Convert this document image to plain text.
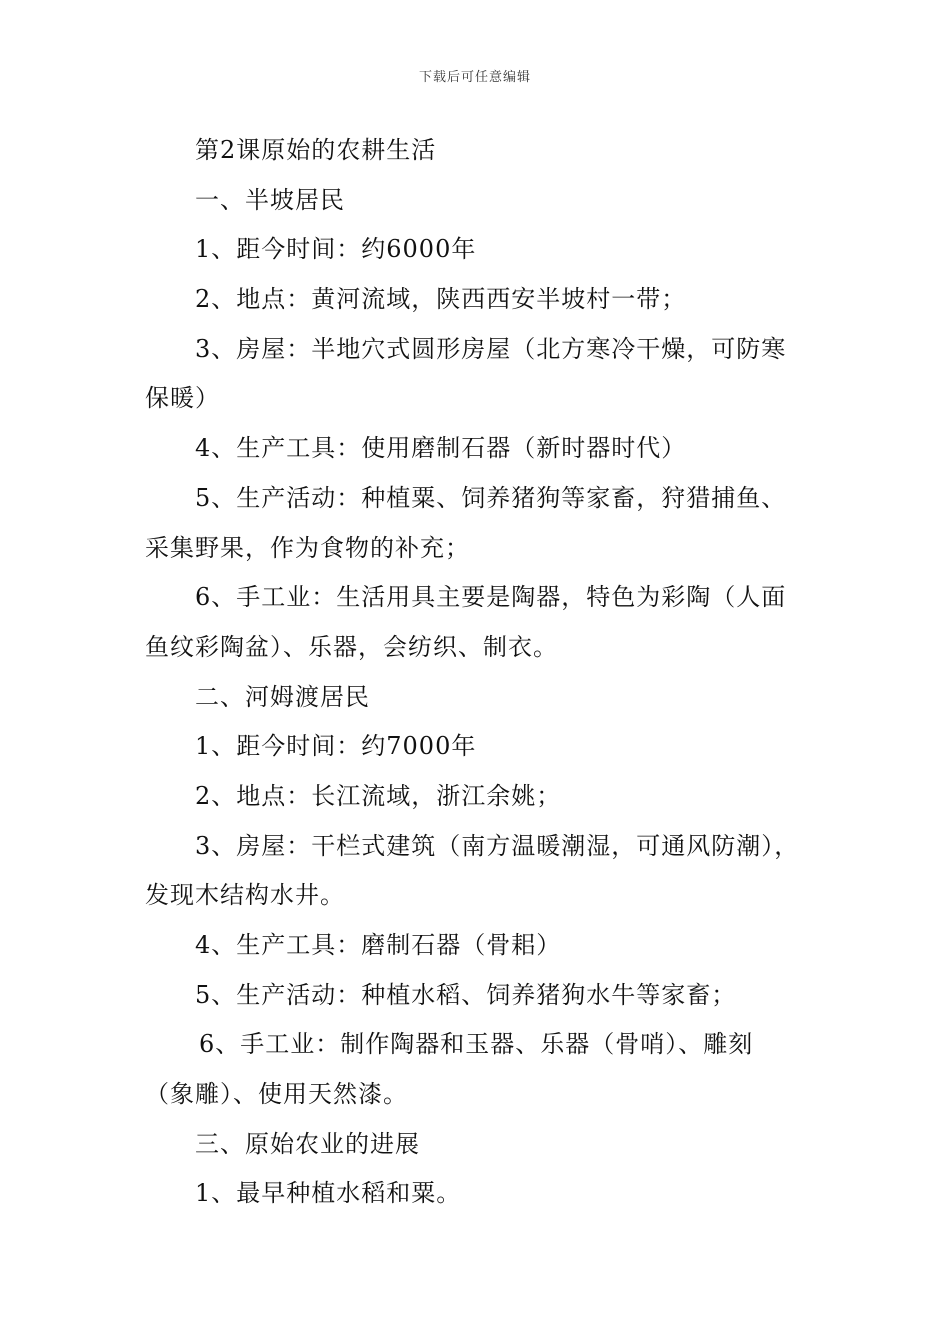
下载后可任意编辑
第2课原始的农耕生活
一、半坡居民
1、距今时间：约6000年
2、地点：黄河流域，陕西西安半坡村一带；
3、房屋：半地穴式圆形房屋（北方寒冷干燥，可防寒
保暖）
4、生产工具：使用磨制石器（新时器时代）
5、生产活动：种植粟、饲养猪狗等家畜，狩猎捕鱼、
采集野果，作为食物的补充；
6、手工业：生活用具主要是陶器，特色为彩陶（人面
鱼纹彩陶盆）、乐器，会纺织、制衣。
二、河姆渡居民
1、距今时间：约7000年
2、地点：长江流域，浙江余姚；
3、房屋：干栏式建筑（南方温暖潮湿，可通风防潮），
发现木结构水井。
4、生产工具：磨制石器（骨耜）
5、生产活动：种植水稻、饲养猪狗水牛等家畜；
6、手工业：制作陶器和玉器、乐器（骨哨）、雕刻
（象雕）、使用天然漆。
三、原始农业的进展
1、最早种植水稻和粟。
